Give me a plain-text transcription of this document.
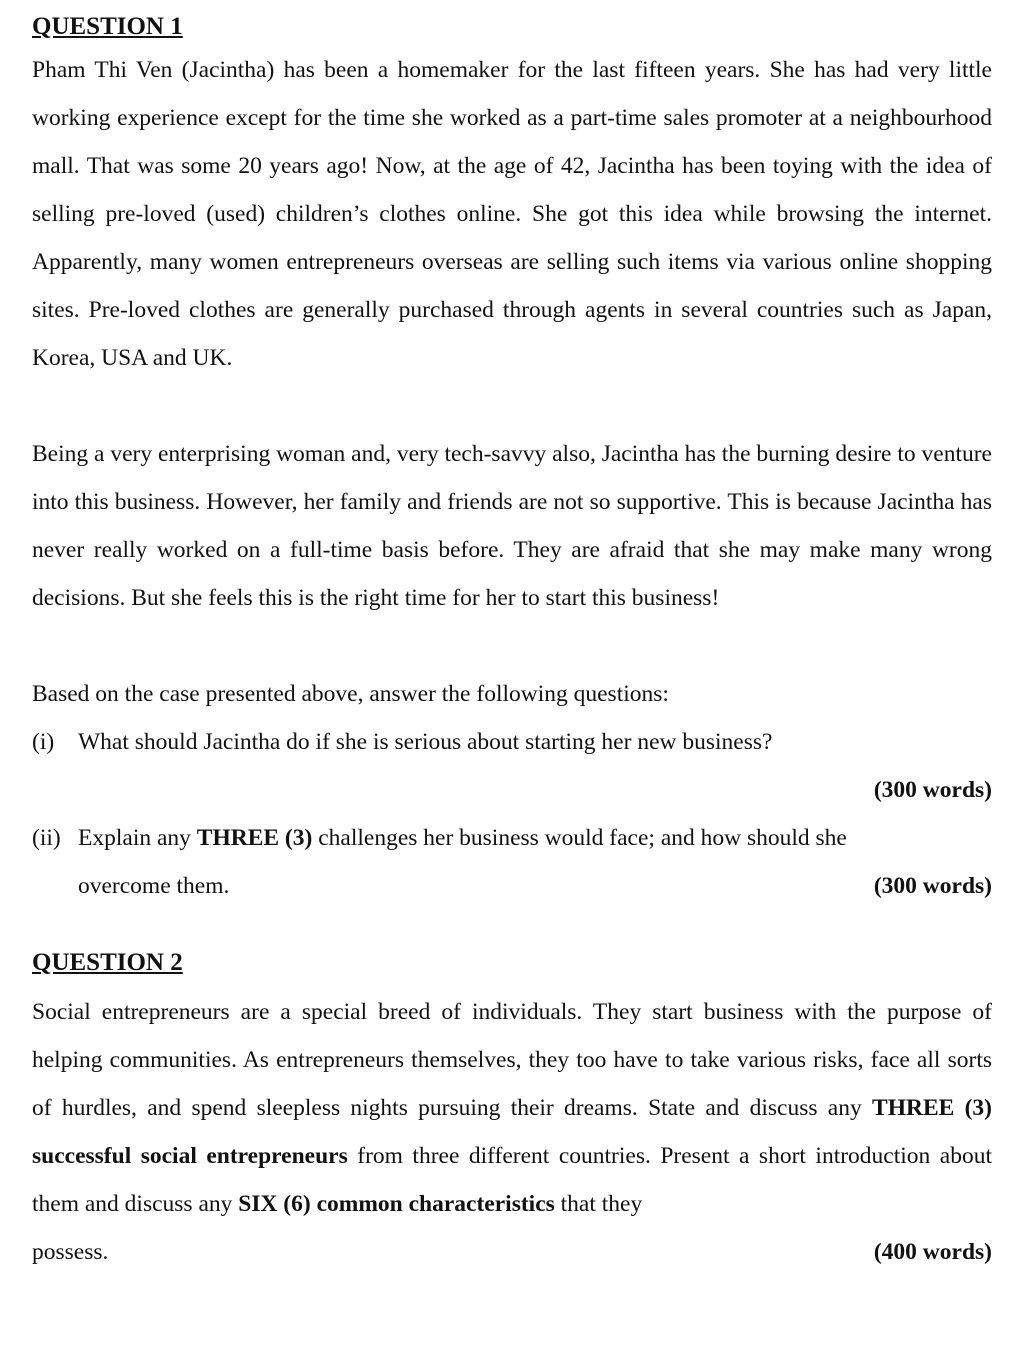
QUESTION 1

Pham Thi Ven (Jacintha) has been a homemaker for the last fifteen years. She has had very little working experience except for the time she worked as a part-time sales promoter at a neighbourhood mall. That was some 20 years ago! Now, at the age of 42, Jacintha has been toying with the idea of selling pre-loved (used) children’s clothes online. She got this idea while browsing the internet. Apparently, many women entrepreneurs overseas are selling such items via various online shopping sites. Pre-loved clothes are generally purchased through agents in several countries such as Japan, Korea, USA and UK.

Being a very enterprising woman and, very tech-savvy also, Jacintha has the burning desire to venture into this business. However, her family and friends are not so supportive. This is because Jacintha has never really worked on a full-time basis before. They are afraid that she may make many wrong decisions. But she feels this is the right time for her to start this business!

Based on the case presented above, answer the following questions:

(i)	What should Jacintha do if she is serious about starting her new business?
(300 words)
(ii) Explain any THREE (3) challenges her business would face; and how should she
overcome them.	(300 words)

QUESTION 2

Social entrepreneurs are a special breed of individuals. They start business with the purpose of helping communities. As entrepreneurs themselves, they too have to take various risks, face all sorts of hurdles, and spend sleepless nights pursuing their dreams. State and discuss any THREE (3) successful social entrepreneurs from three different countries. Present a short introduction about them and discuss any SIX (6) common characteristics that they

possess.	(400 words)
